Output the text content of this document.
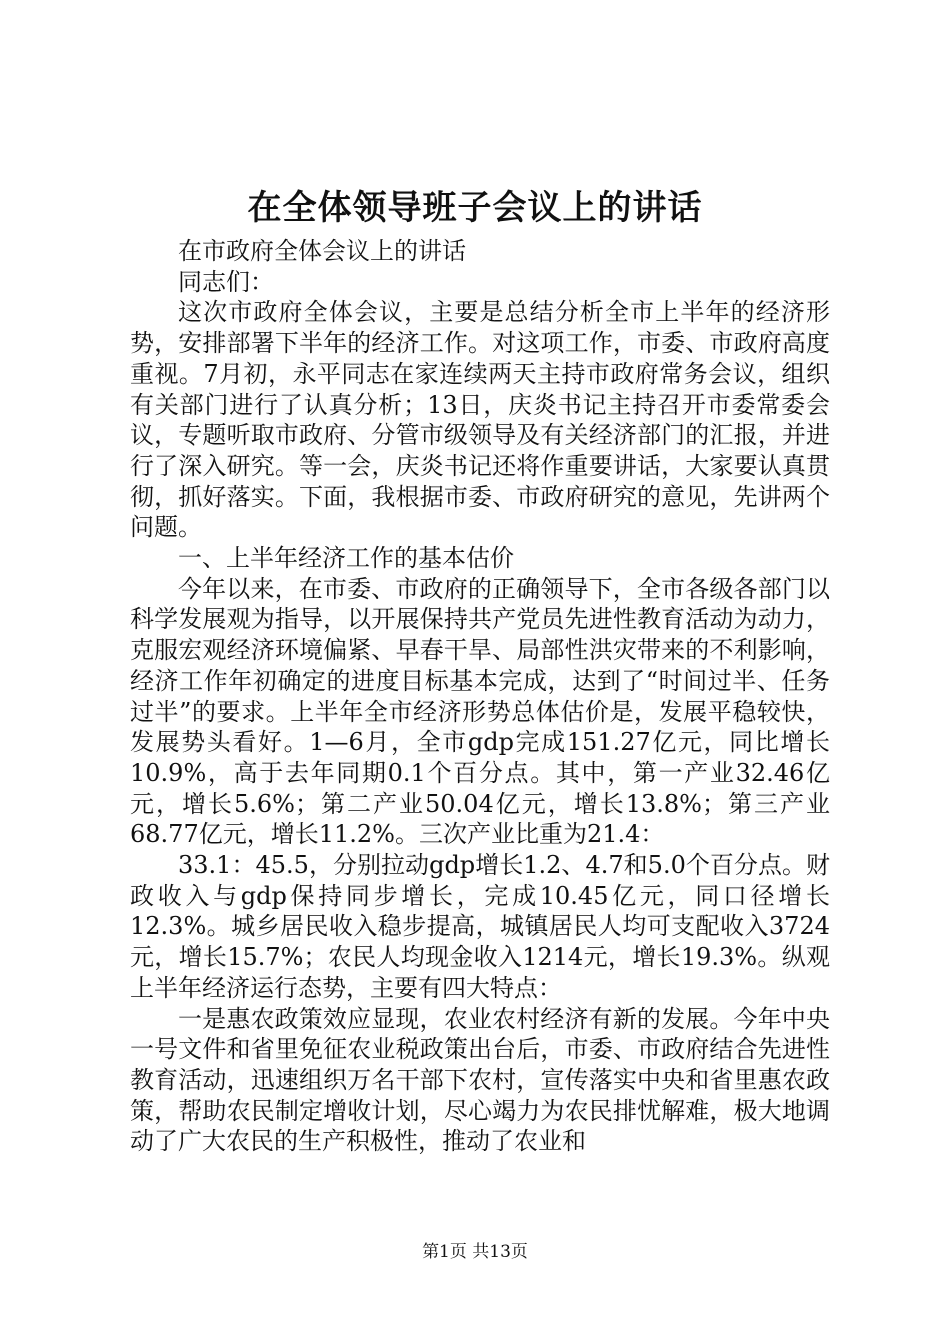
在全体领导班子会议上的讲话

在市政府全体会议上的讲话

同志们：

这次市政府全体会议，主要是总结分析全市上半年的经济形势，安排部署下半年的经济工作。对这项工作，市委、市政府高度重视。7月初，永平同志在家连续两天主持市政府常务会议，组织有关部门进行了认真分析；13日，庆炎书记主持召开市委常委会议，专题听取市政府、分管市级领导及有关经济部门的汇报，并进行了深入研究。等一会，庆炎书记还将作重要讲话，大家要认真贯彻，抓好落实。下面，我根据市委、市政府研究的意见，先讲两个问题。

一、上半年经济工作的基本估价

今年以来，在市委、市政府的正确领导下，全市各级各部门以科学发展观为指导，以开展保持共产党员先进性教育活动为动力，克服宏观经济环境偏紧、早春干旱、局部性洪灾带来的不利影响，经济工作年初确定的进度目标基本完成，达到了“时间过半、任务过半”的要求。上半年全市经济形势总体估价是，发展平稳较快，发展势头看好。1—6月，全市gdp完成151.27亿元，同比增长10.9%，高于去年同期0.1个百分点。其中，第一产业32.46亿元，增长5.6%；第二产业50.04亿元，增长13.8%；第三产业68.77亿元，增长11.2%。三次产业比重为21.4：

33.1：45.5，分别拉动gdp增长1.2、4.7和5.0个百分点。财政收入与gdp保持同步增长，完成10.45亿元，同口径增长12.3%。城乡居民收入稳步提高，城镇居民人均可支配收入3724元，增长15.7%；农民人均现金收入1214元，增长19.3%。纵观上半年经济运行态势，主要有四大特点：

一是惠农政策效应显现，农业农村经济有新的发展。今年中央一号文件和省里免征农业税政策出台后，市委、市政府结合先进性教育活动，迅速组织万名干部下农村，宣传落实中央和省里惠农政策，帮助农民制定增收计划，尽心竭力为农民排忧解难，极大地调动了广大农民的生产积极性，推动了农业和

第1页 共13页
